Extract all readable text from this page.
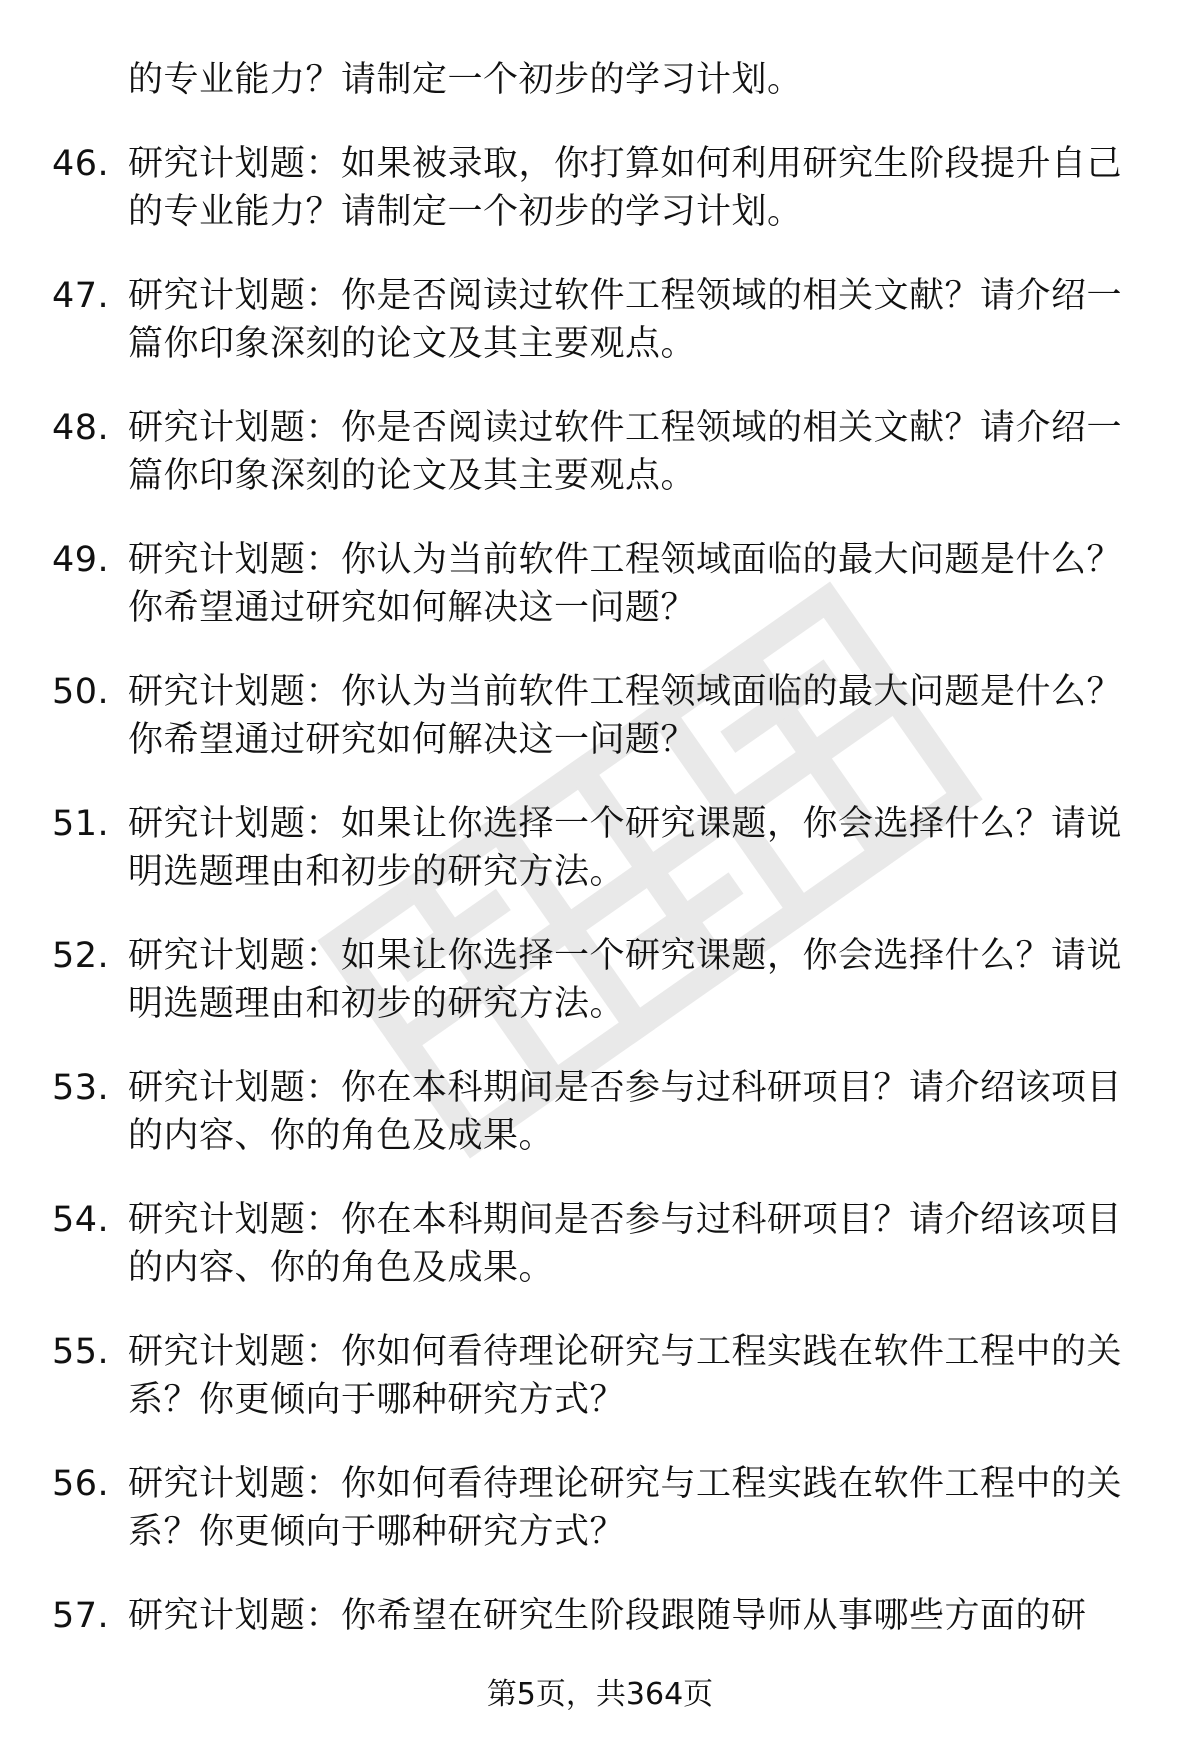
的专业能力？请制定一个初步的学习计划。
46. 研究计划题：如果被录取，你打算如何利用研究生阶段提升自己的专业能力？请制定一个初步的学习计划。
47. 研究计划题：你是否阅读过软件工程领域的相关文献？请介绍一篇你印象深刻的论文及其主要观点。
48. 研究计划题：你是否阅读过软件工程领域的相关文献？请介绍一篇你印象深刻的论文及其主要观点。
49. 研究计划题：你认为当前软件工程领域面临的最大问题是什么？你希望通过研究如何解决这一问题？
50. 研究计划题：你认为当前软件工程领域面临的最大问题是什么？你希望通过研究如何解决这一问题？
51. 研究计划题：如果让你选择一个研究课题，你会选择什么？请说明选题理由和初步的研究方法。
52. 研究计划题：如果让你选择一个研究课题，你会选择什么？请说明选题理由和初步的研究方法。
53. 研究计划题：你在本科期间是否参与过科研项目？请介绍该项目的内容、你的角色及成果。
54. 研究计划题：你在本科期间是否参与过科研项目？请介绍该项目的内容、你的角色及成果。
55. 研究计划题：你如何看待理论研究与工程实践在软件工程中的关系？你更倾向于哪种研究方式？
56. 研究计划题：你如何看待理论研究与工程实践在软件工程中的关系？你更倾向于哪种研究方式？
57. 研究计划题：你希望在研究生阶段跟随导师从事哪些方面的研
第5页，共364页
